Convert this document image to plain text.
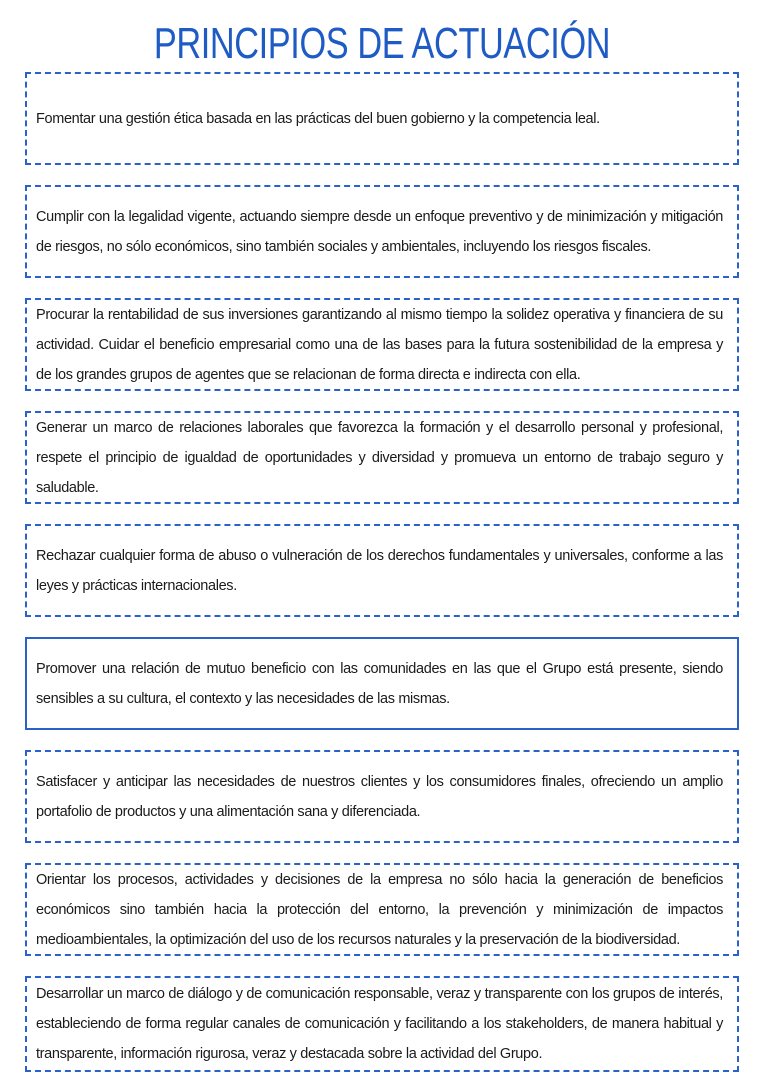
PRINCIPIOS DE ACTUACIÓN
Fomentar una gestión ética basada en las prácticas del buen gobierno y la competencia leal.
Cumplir con la legalidad vigente, actuando siempre desde un enfoque preventivo y de minimización y mitigación de riesgos, no sólo económicos, sino también sociales y ambientales, incluyendo los riesgos fiscales.
Procurar la rentabilidad de sus inversiones garantizando al mismo tiempo la solidez operativa y financiera de su actividad. Cuidar el beneficio empresarial como una de las bases para la futura sostenibilidad de la empresa y de los grandes grupos de agentes que se relacionan de forma directa e indirecta con ella.
Generar un marco de relaciones laborales que favorezca la formación y el desarrollo personal y profesional, respete el principio de igualdad de oportunidades y diversidad y promueva un entorno de trabajo seguro y saludable.
Rechazar cualquier forma de abuso o vulneración de los derechos fundamentales y universales, conforme a las leyes y prácticas internacionales.
Promover una relación de mutuo beneficio con las comunidades en las que el Grupo está presente, siendo sensibles a su cultura, el contexto y las necesidades de las mismas.
Satisfacer y anticipar las necesidades de nuestros clientes y los consumidores finales, ofreciendo un amplio portafolio de productos y una alimentación sana y diferenciada.
Orientar los procesos, actividades y decisiones de la empresa no sólo hacia la generación de beneficios económicos sino también hacia la protección del entorno, la prevención y minimización de impactos medioambientales, la optimización del uso de los recursos naturales y la preservación de la biodiversidad.
Desarrollar un marco de diálogo y de comunicación responsable, veraz y transparente con los grupos de interés, estableciendo de forma regular canales de comunicación y facilitando a los stakeholders, de manera habitual y transparente, información rigurosa, veraz y destacada sobre la actividad del Grupo.
